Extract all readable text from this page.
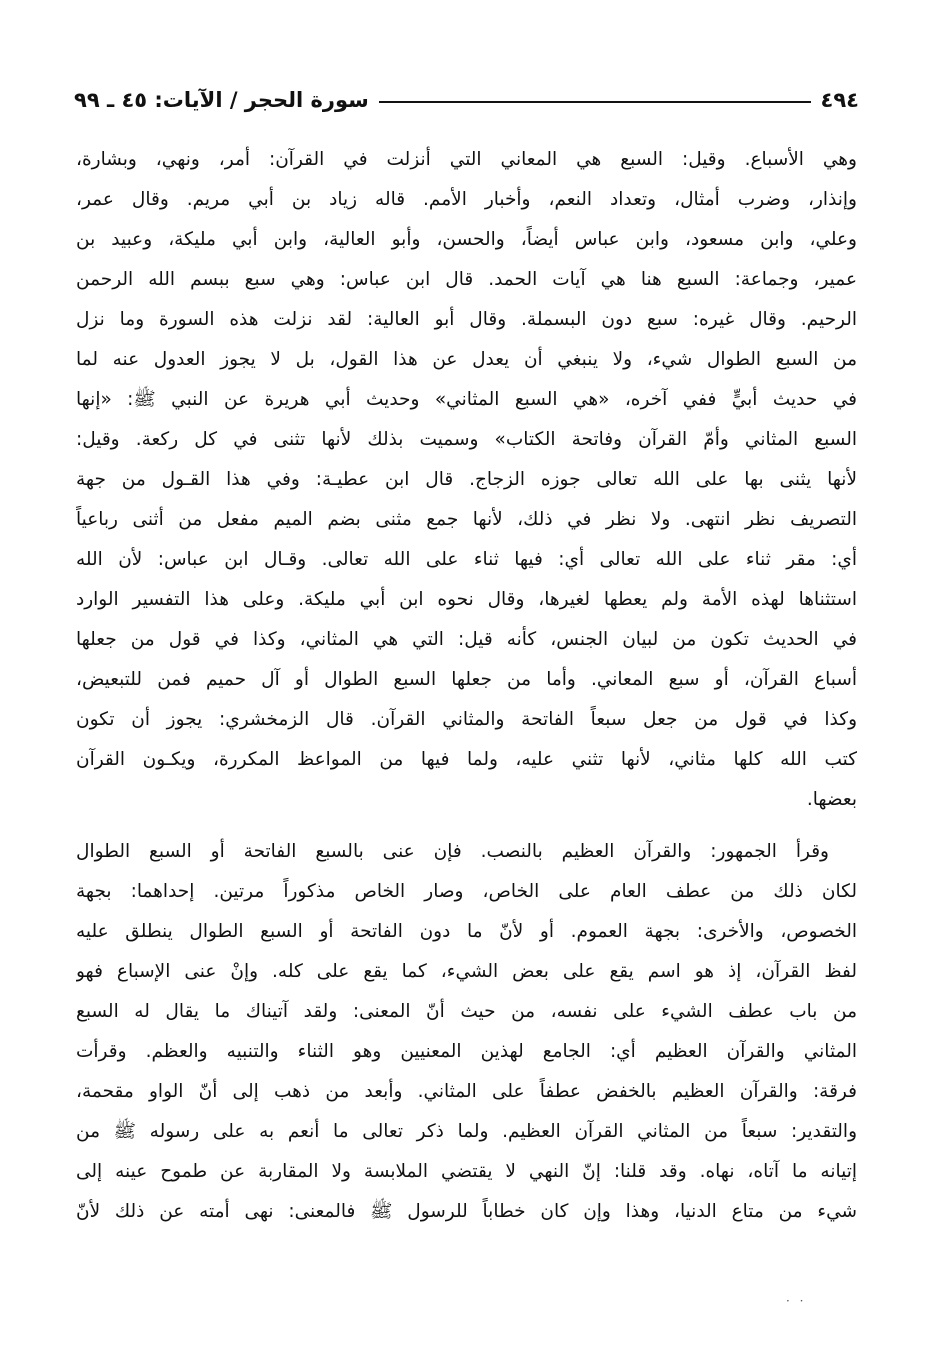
٤٩٤
سورة الحجر / الآيات: ٤٥ ـ ٩٩

وهي الأسباع. وقيل: السبع هي المعاني التي أنزلت في القرآن: أمر، ونهي، وبشارة،
وإنذار، وضرب أمثال، وتعداد النعم، وأخبار الأمم. قاله زياد بن أبي مريم. وقال عمر،
وعلي، وابن مسعود، وابن عباس أيضاً، والحسن، وأبو العالية، وابن أبي مليكة، وعبيد بن
عمير، وجماعة: السبع هنا هي آيات الحمد. قال ابن عباس: وهي سبع ببسم الله الرحمن
الرحيم. وقال غيره: سبع دون البسملة. وقال أبو العالية: لقد نزلت هذه السورة وما نزل
من السبع الطوال شيء، ولا ينبغي أن يعدل عن هذا القول، بل لا يجوز العدول عنه لما
في حديث أبيٍّ ففي آخره، «هي السبع المثاني» وحديث أبي هريرة عن النبي ﷺ: «إنها
السبع المثاني وأمّ القرآن وفاتحة الكتاب» وسميت بذلك لأنها تثنى في كل ركعة. وقيل:
لأنها يثنى بها على الله تعالى جوزه الزجاج. قال ابن عطيـة: وفي هذا القـول من جهة
التصريف نظر انتهى. ولا نظر في ذلك، لأنها جمع مثنى بضم الميم مفعل من أثنى رباعياً
أي: مقر ثناء على الله تعالى أي: فيها ثناء على الله تعالى. وقـال ابن عباس: لأن الله
استثناها لهذه الأمة ولم يعطها لغيرها، وقال نحوه ابن أبي مليكة. وعلى هذا التفسير الوارد
في الحديث تكون من لبيان الجنس، كأنه قيل: التي هي المثاني، وكذا في قول من جعلها
أسباع القرآن، أو سبع المعاني. وأما من جعلها السبع الطوال أو آل حميم فمن للتبعيض،
وكذا في قول من جعل سبعاً الفاتحة والمثاني القرآن. قال الزمخشري: يجوز أن تكون
كتب الله كلها مثاني، لأنها تثني عليه، ولما فيها من المواعظ المكررة، ويكـون القرآن
بعضها.

وقرأ الجمهور: والقرآن العظيم بالنصب. فإن عنى بالسبع الفاتحة أو السبع الطوال
لكان ذلك من عطف العام على الخاص، وصار الخاص مذكوراً مرتين. إحداهما: بجهة
الخصوص، والأخرى: بجهة العموم. أو لأنّ ما دون الفاتحة أو السبع الطوال ينطلق عليه
لفظ القرآن، إذ هو اسم يقع على بعض الشيء، كما يقع على كله. وإنْ عنى الإسباع فهو
من باب عطف الشيء على نفسه، من حيث أنّ المعنى: ولقد آتيناك ما يقال له السبع
المثاني والقرآن العظيم أي: الجامع لهذين المعنيين وهو الثناء والتنبيه والعظم. وقرأت
فرقة: والقرآن العظيم بالخفض عطفاً على المثاني. وأبعد من ذهب إلى أنّ الواو مقحمة،
والتقدير: سبعاً من المثاني القرآن العظيم. ولما ذكر تعالى ما أنعم به على رسوله ﷺ من
إتيانه ما آتاه، نهاه. وقد قلنا: إنّ النهي لا يقتضي الملابسة ولا المقاربة عن طموح عينه إلى
شيء من متاع الدنيا، وهذا وإن كان خطاباً للرسول ﷺ فالمعنى: نهى أمته عن ذلك لأنّ

· ·
